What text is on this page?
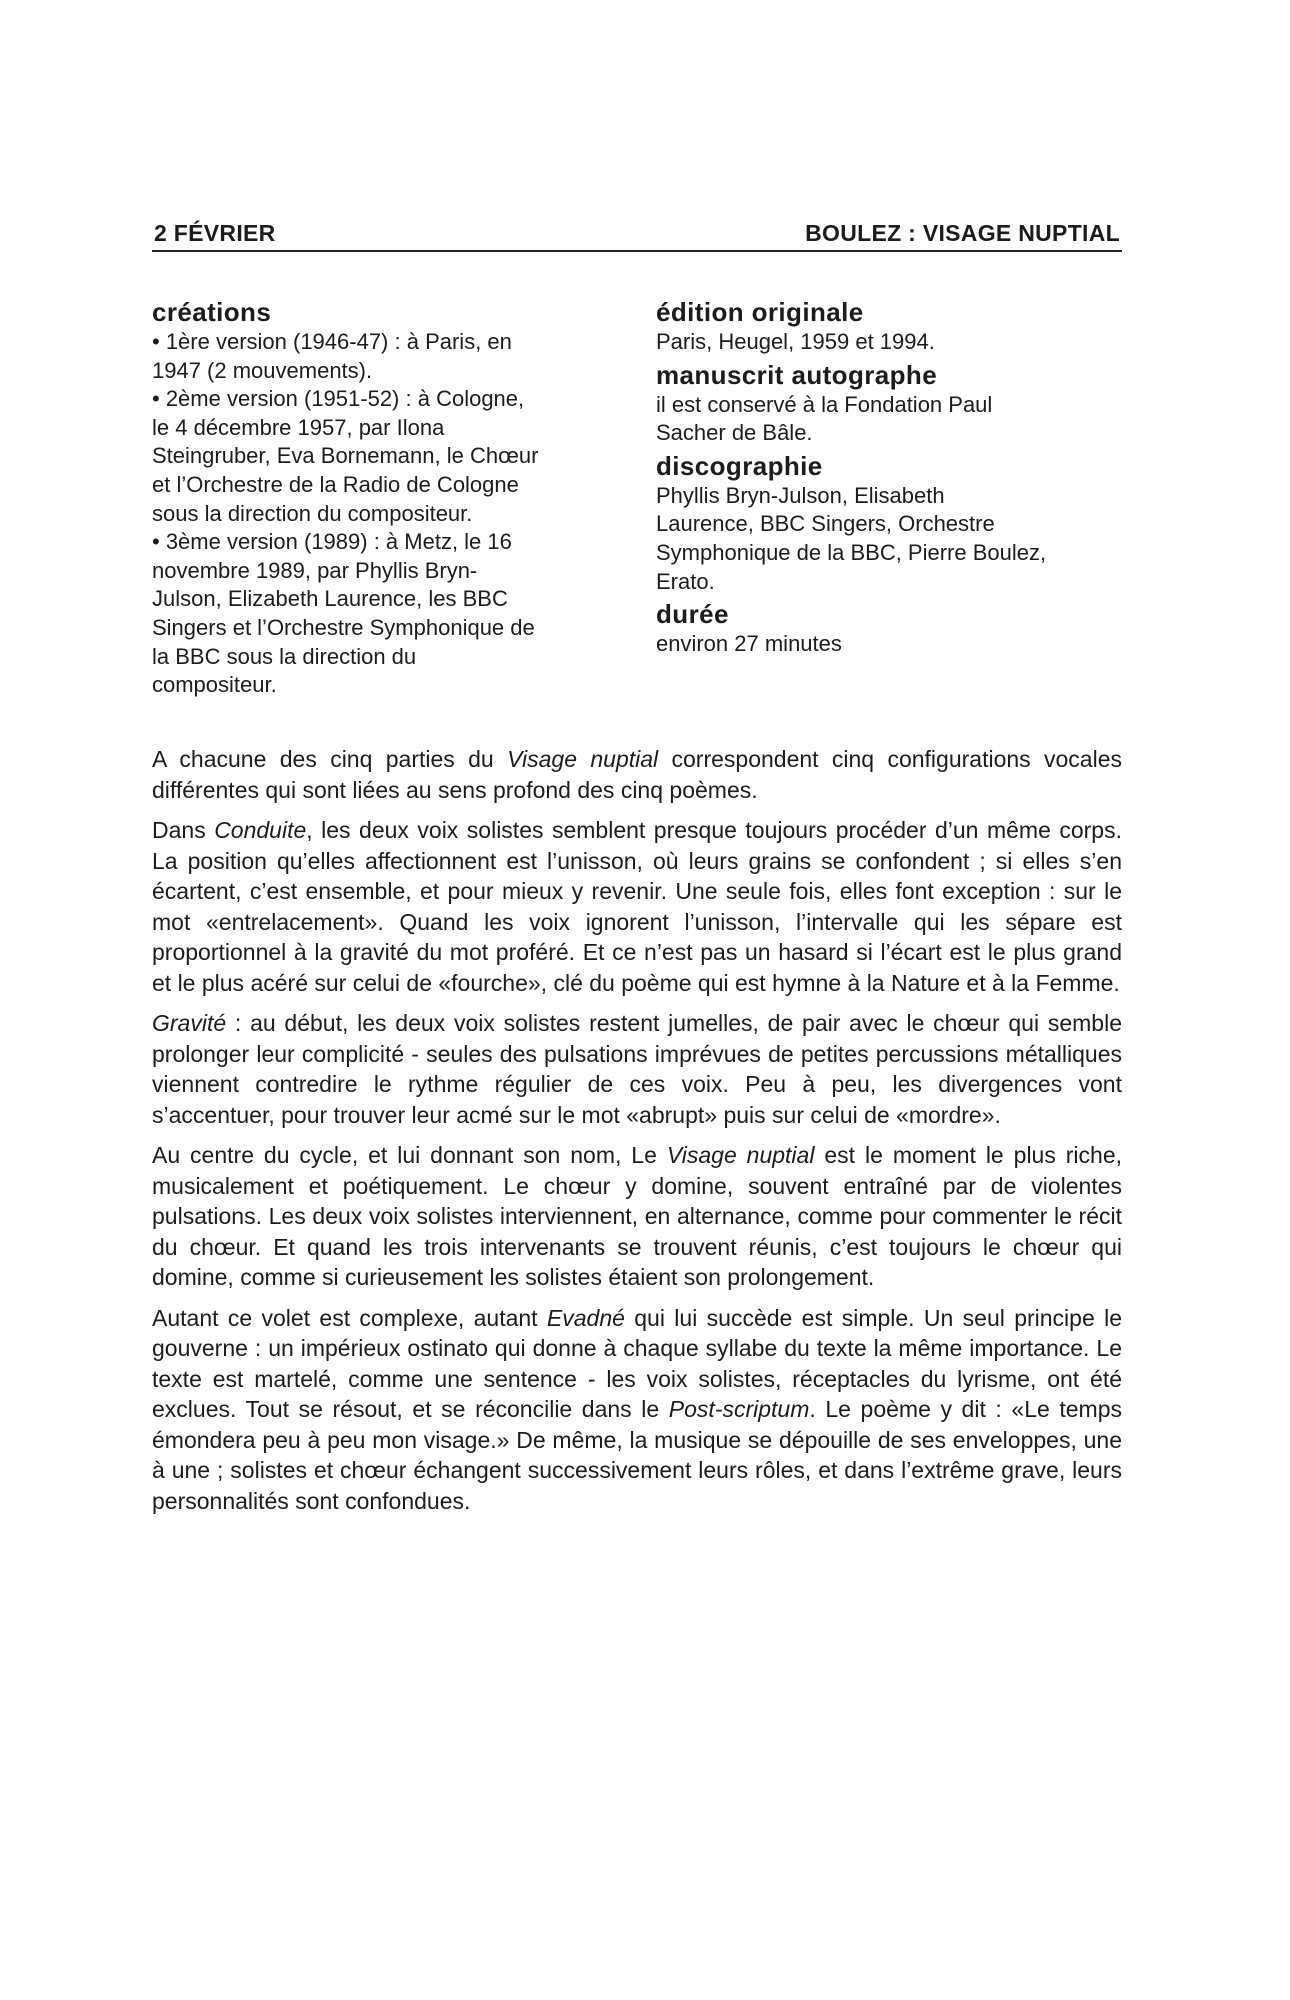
2 FÉVRIER	BOULEZ : VISAGE NUPTIAL

créations

• 1ère version (1946-47) : à Paris, en

1947 (2 mouvements).

• 2ème version (1951-52) : à Cologne,

le 4 décembre 1957, par Ilona

Steingruber, Eva Bornemann, le Chœur

et l’Orchestre de la Radio de Cologne

sous la direction du compositeur.

• 3ème version (1989) : à Metz, le 16

novembre 1989, par Phyllis Bryn-

Julson, Elizabeth Laurence, les BBC

Singers et l’Orchestre Symphonique de

la BBC sous la direction du

compositeur.

édition originale

Paris, Heugel, 1959 et 1994.

manuscrit autographe

il est conservé à la Fondation Paul

Sacher de Bâle.

discographie

Phyllis Bryn-Julson, Elisabeth

Laurence, BBC Singers, Orchestre

Symphonique de la BBC, Pierre Boulez,

Erato.

durée

environ 27 minutes

A chacune des cinq parties du Visage nuptial correspondent cinq configurations vocales différentes qui sont liées au sens profond des cinq poèmes.

Dans Conduite, les deux voix solistes semblent presque toujours procéder d’un même corps. La position qu’elles affectionnent est l’unisson, où leurs grains se confondent ; si elles s’en écartent, c’est ensemble, et pour mieux y revenir. Une seule fois, elles font exception : sur le mot «entrelacement». Quand les voix ignorent l’unisson, l’intervalle qui les sépare est proportionnel à la gravité du mot proféré. Et ce n’est pas un hasard si l’écart est le plus grand et le plus acéré sur celui de «fourche», clé du poème qui est hymne à la Nature et à la Femme.

Gravité : au début, les deux voix solistes restent jumelles, de pair avec le chœur qui semble prolonger leur complicité - seules des pulsations imprévues de petites percussions métalliques viennent contredire le rythme régulier de ces voix. Peu à peu, les divergences vont s’accentuer, pour trouver leur acmé sur le mot «abrupt» puis sur celui de «mordre».

Au centre du cycle, et lui donnant son nom, Le Visage nuptial est le moment le plus riche, musicalement et poétiquement. Le chœur y domine, souvent entraîné par de violentes pulsations. Les deux voix solistes interviennent, en alternance, comme pour commenter le récit du chœur. Et quand les trois intervenants se trouvent réunis, c’est toujours le chœur qui domine, comme si curieusement les solistes étaient son prolongement.

Autant ce volet est complexe, autant Evadné qui lui succède est simple. Un seul principe le gouverne : un impérieux ostinato qui donne à chaque syllabe du texte la même importance. Le texte est martelé, comme une sentence - les voix solistes, réceptacles du lyrisme, ont été exclues. Tout se résout, et se réconcilie dans le Post-scriptum. Le poème y dit : «Le temps émondera peu à peu mon visage.» De même, la musique se dépouille de ses enveloppes, une à une ; solistes et chœur échangent successivement leurs rôles, et dans l’extrême grave, leurs personnalités sont confondues.
